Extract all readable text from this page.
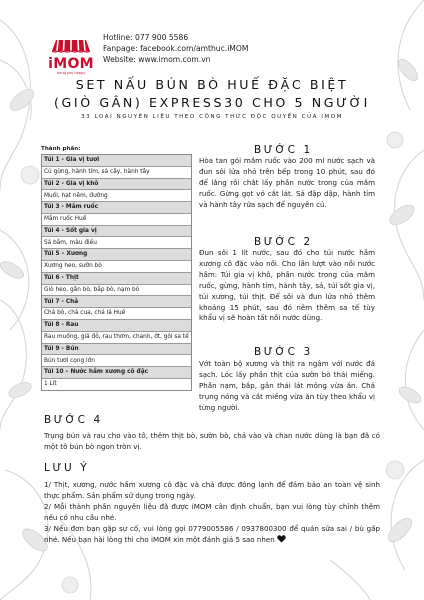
iMOM
bring you happy
Hotline: 077 900 5586
Fanpage: facebook.com/amthuc.iMOM
Website: www.imom.com.vn
SET NẤU BÚN BÒ HUẾ ĐẶC BIỆT
(GIÒ GÂN) EXPRESS30 CHO 5 NGƯỜI
33 LOẠI NGUYÊN LIỆU THEO CÔNG THỨC ĐỘC QUYỀN CỦA IMOM
Thành phần:
Túi 1 - Gia vị tươi
Củ gừng, hành tím, sả cây, hành tây
Túi 2 - Gia vị khô
Muối, hạt nêm, đường
Túi 3 - Mắm ruốc
Mắm ruốc Huế
Túi 4 - Sốt gia vị
Sả bằm, màu điều
Túi 5 – Xương
Xương heo, sườn bò
Túi 6 - Thịt
Giò heo, gân bò, bắp bò, nạm bò
Túi 7 - Chả
Chả bò, chả cua, chả lá Huế
Túi 8 - Rau
Rau muống, giá đỗ, rau thơm, chanh, ớt, gói sa tế
Túi 9 - Bún
Bún tươi cọng lớn
Túi 10 – Nước hầm xương cô đặc
1 Lít
BƯỚC 1
Hòa tan gói mắm ruốc vào 200 ml nước sạch và đun sôi lửa nhỏ trên bếp trong 10 phút, sau đó để lắng rồi chắt lấy phần nước trong của mắm ruốc. Gừng gọt vỏ cắt lát. Sả đập dập, hành tím và hành tây rửa sạch để nguyên củ.
BƯỚC 2
Đun sôi 1 lít nước, sau đó cho túi nước hầm xương cô đặc vào nồi. Cho lần lượt vào nồi nước hầm: Túi gia vị khô, phần nước trong của mắm ruốc, gừng, hành tím, hành tây, sả, túi sốt gia vị, túi xương, túi thịt. Để sôi và đun lửa nhỏ thêm khoảng 15 phút, sau đó nêm thêm sa tế tùy khẩu vị sẽ hoàn tất nồi nước dùng.
BƯỚC 3
Vớt toàn bộ xương và thịt ra ngâm với nước đá sạch. Lóc lấy phần thịt của sườn bò thái miếng. Phần nạm, bắp, gân thái lát mỏng vừa ăn. Chả trụng nóng và cắt miếng vừa ăn tùy theo khẩu vị từng người.
BƯỚC 4
Trụng bún và rau cho vào tô, thêm thịt bò, sườn bò, chả vào và chan nước dùng là bạn đã có một tô bún bò ngon tròn vị.
LƯU Ý
1/ Thịt, xương, nước hầm xương cô đặc và chả được đông lạnh để đảm bảo an toàn vệ sinh thực phẩm. Sản phẩm sử dụng trong ngày.
2/ Mỗi thành phần nguyên liệu đã được iMOM cân định chuẩn, bạn vui lòng tùy chỉnh thêm nếu có nhu cầu nhé.
3/ Nếu đơn bạn gặp sự cố, vui lòng gọi 0779005586 / 0937800300 để quán sửa sai / bù gấp nhé. Nếu bạn hài lòng thì cho iMOM xin một đánh giá 5 sao nhen
